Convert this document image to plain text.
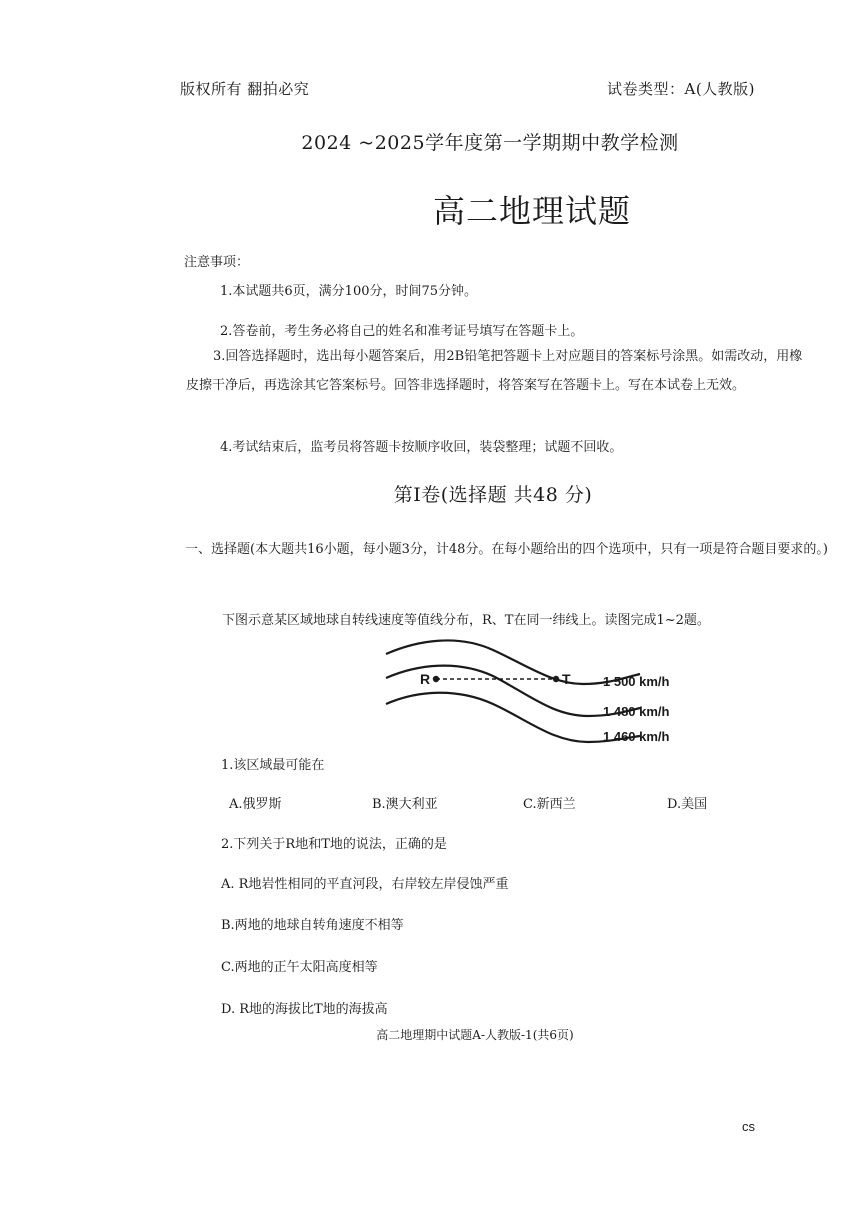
版权所有 翻拍必究	试卷类型：A(人教版)
2024 ~2025学年度第一学期期中教学检测
高二地理试题
注意事项：
1.本试题共6页，满分100分，时间75分钟。
2.答卷前，考生务必将自己的姓名和准考证号填写在答题卡上。
3.回答选择题时，选出每小题答案后，用2B铅笔把答题卡上对应题目的答案标号涂黑。如需改动，用橡皮擦干净后，再选涂其它答案标号。回答非选择题时，将答案写在答题卡上。写在本试卷上无效。
4.考试结束后，监考员将答题卡按顺序收回，装袋整理；试题不回收。
第Ⅰ卷(选择题 共48 分)
一、选择题(本大题共16小题，每小题3分，计48分。在每小题给出的四个选项中，只有一项是符合题目要求的。)
下图示意某区域地球自转线速度等值线分布，R、T在同一纬线上。读图完成1~2题。
R	T 1 500 km/h
1 480 km/h
1 460 km/h
1.该区域最可能在
A.俄罗斯	B.澳大利亚	C.新西兰	D.美国
2.下列关于R地和T地的说法，正确的是
A. R地岩性相同的平直河段，右岸较左岸侵蚀严重
B.两地的地球自转角速度不相等
C.两地的正午太阳高度相等
D. R地的海拔比T地的海拔高
高二地理期中试题A-人教版-1(共6页)
cs
